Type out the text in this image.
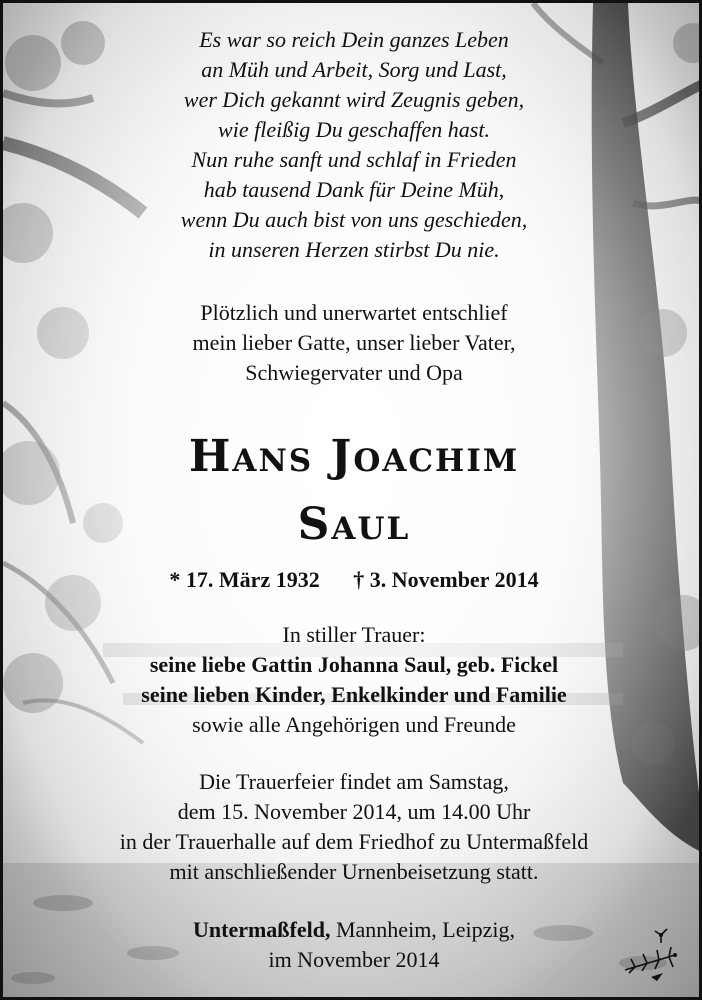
Es war so reich Dein ganzes Leben
an Müh und Arbeit, Sorg und Last,
wer Dich gekannt wird Zeugnis geben,
wie fleißig Du geschaffen hast.
Nun ruhe sanft und schlaf in Frieden
hab tausend Dank für Deine Müh,
wenn Du auch bist von uns geschieden,
in unseren Herzen stirbst Du nie.
Plötzlich und unerwartet entschlief
mein lieber Gatte, unser lieber Vater,
Schwiegervater und Opa
Hans Joachim
Saul
* 17. März 1932 † 3. November 2014
In stiller Trauer:
seine liebe Gattin Johanna Saul, geb. Fickel
seine lieben Kinder, Enkelkinder und Familie
sowie alle Angehörigen und Freunde
Die Trauerfeier findet am Samstag,
dem 15. November 2014, um 14.00 Uhr
in der Trauerhalle auf dem Friedhof zu Untermaßfeld
mit anschließender Urnenbeisetzung statt.
Untermaßfeld, Mannheim, Leipzig,
im November 2014
